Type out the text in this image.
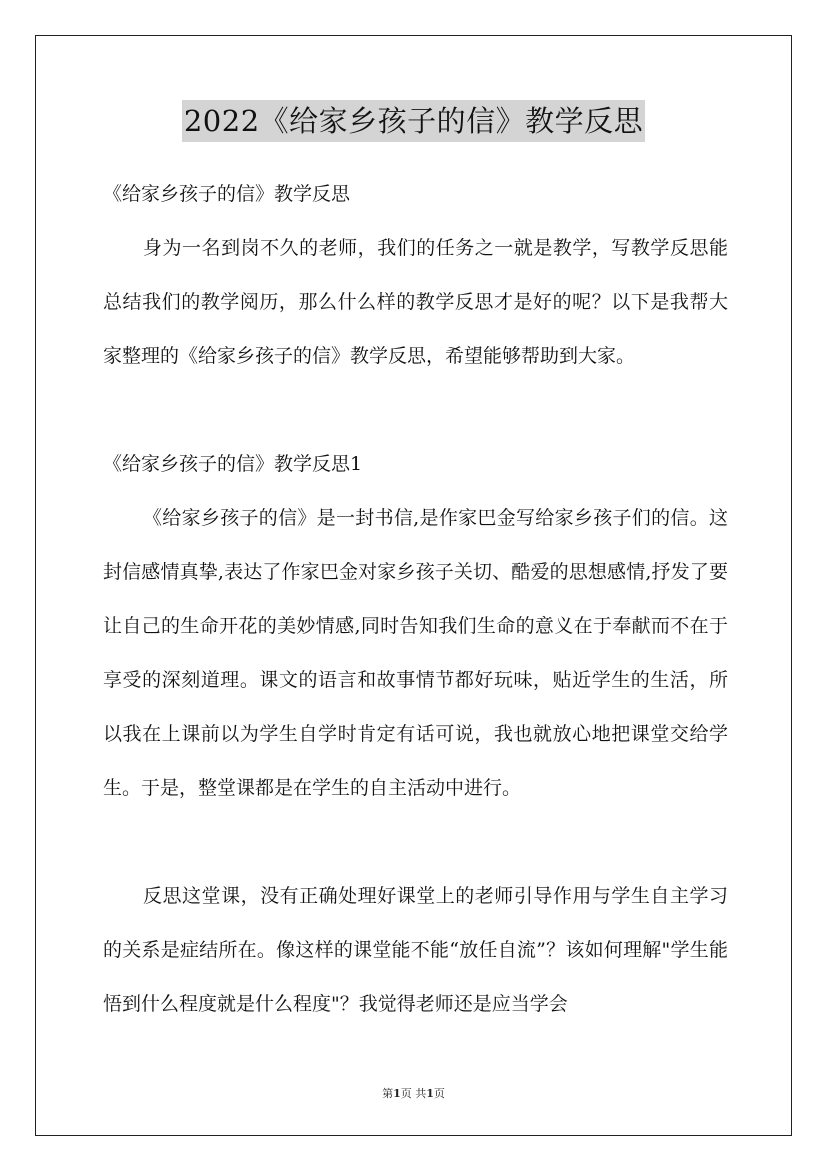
2022《给家乡孩子的信》教学反思

《给家乡孩子的信》教学反思

身为一名到岗不久的老师，我们的任务之一就是教学，写教学反思能总结我们的教学阅历，那么什么样的教学反思才是好的呢？以下是我帮大家整理的《给家乡孩子的信》教学反思，希望能够帮助到大家。

《给家乡孩子的信》教学反思1

《给家乡孩子的信》是一封书信,是作家巴金写给家乡孩子们的信。这封信感情真挚,表达了作家巴金对家乡孩子关切、酷爱的思想感情,抒发了要让自己的生命开花的美妙情感,同时告知我们生命的意义在于奉献而不在于享受的深刻道理。课文的语言和故事情节都好玩味，贴近学生的生活，所以我在上课前以为学生自学时肯定有话可说，我也就放心地把课堂交给学生。于是，整堂课都是在学生的自主活动中进行。

反思这堂课，没有正确处理好课堂上的老师引导作用与学生自主学习的关系是症结所在。像这样的课堂能不能“放任自流”？该如何理解"学生能悟到什么程度就是什么程度"？我觉得老师还是应当学会

第1页 共1页
